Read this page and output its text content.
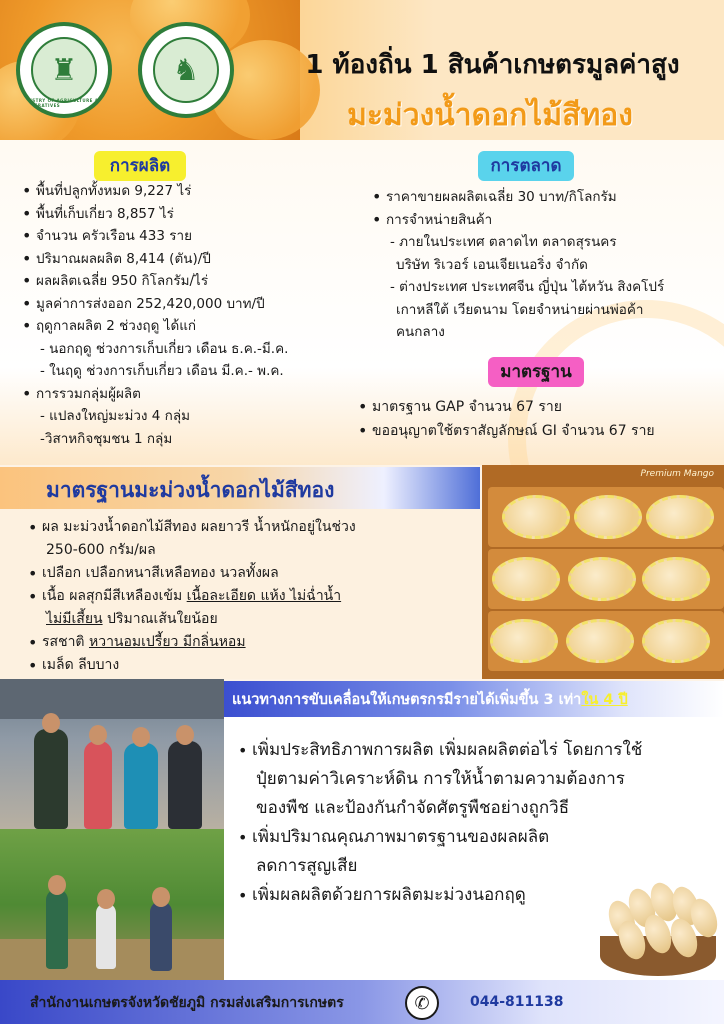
♜
MINISTRY OF AGRICULTURE AND COOPERATIVES
♞	1 ท้องถิ่น 1 สินค้าเกษตรมูลค่าสูง
มะม่วงน้ำดอกไม้สีทอง
การผลิต
• พื้นที่ปลูกทั้งหมด 9,227 ไร่
• พื้นที่เก็บเกี่ยว 8,857 ไร่
• จำนวน ครัวเรือน 433 ราย
• ปริมาณผลผลิต 8,414 (ตัน)/ปี
• ผลผลิตเฉลี่ย 950 กิโลกรัม/ไร่
• มูลค่าการส่งออก 252,420,000 บาท/ปี
• ฤดูกาลผลิต 2 ช่วงฤดู ได้แก่
- นอกฤดู ช่วงการเก็บเกี่ยว เดือน ธ.ค.-มี.ค.
- ในฤดู ช่วงการเก็บเกี่ยว เดือน มี.ค.- พ.ค.
• การรวมกลุ่มผู้ผลิต
- แปลงใหญ่มะม่วง 4 กลุ่ม
-วิสาหกิจชุมชน 1 กลุ่ม
การตลาด
• ราคาขายผลผลิตเฉลี่ย 30 บาท/กิโลกรัม
• การจำหน่ายสินค้า
- ภายในประเทศ ตลาดไท ตลาดสุรนคร
บริษัท ริเวอร์ เอนเจียเนอริ่ง จำกัด
- ต่างประเทศ ประเทศจีน ญี่ปุ่น ไต้หวัน สิงคโปร์
เกาหลีใต้ เวียดนาม โดยจำหน่ายผ่านพ่อค้า
คนกลาง
มาตรฐาน
• มาตรฐาน GAP จำนวน 67 ราย
• ขออนุญาตใช้ตราสัญลักษณ์ GI จำนวน 67 ราย
มาตรฐานมะม่วงน้ำดอกไม้สีทอง
• ผล มะม่วงน้ำดอกไม้สีทอง ผลยาวรี น้ำหนักอยู่ในช่วง
250-600 กรัม/ผล
• เปลือก เปลือกหนาสีเหลือทอง นวลทั้งผล
• เนื้อ ผลสุกมีสีเหลืองเข้ม เนื้อละเอียด แห้ง ไม่ฉ่ำน้ำ
ไม่มีเสี้ยน ปริมาณเส้นใยน้อย
• รสชาติ หวานอมเปรี้ยว มีกลิ่นหอม
• เมล็ด ลีบบาง
Premium Mango
แนวทางการขับเคลื่อนให้เกษตรกรมีรายได้เพิ่มขึ้น 3 เท่าใน 4 ปี
• เพิ่มประสิทธิภาพการผลิต เพิ่มผลผลิตต่อไร่ โดยการใช้
ปุ๋ยตามค่าวิเคราะห์ดิน การให้น้ำตามความต้องการ
ของพืช และป้องกันกำจัดศัตรูพืชอย่างถูกวิธี
• เพิ่มปริมาณคุณภาพมาตรฐานของผลผลิต
ลดการสูญเสีย
• เพิ่มผลผลิตด้วยการผลิตมะม่วงนอกฤดู
สำนักงานเกษตรจังหวัดชัยภูมิ กรมส่งเสริมการเกษตร	✆	044-811138
